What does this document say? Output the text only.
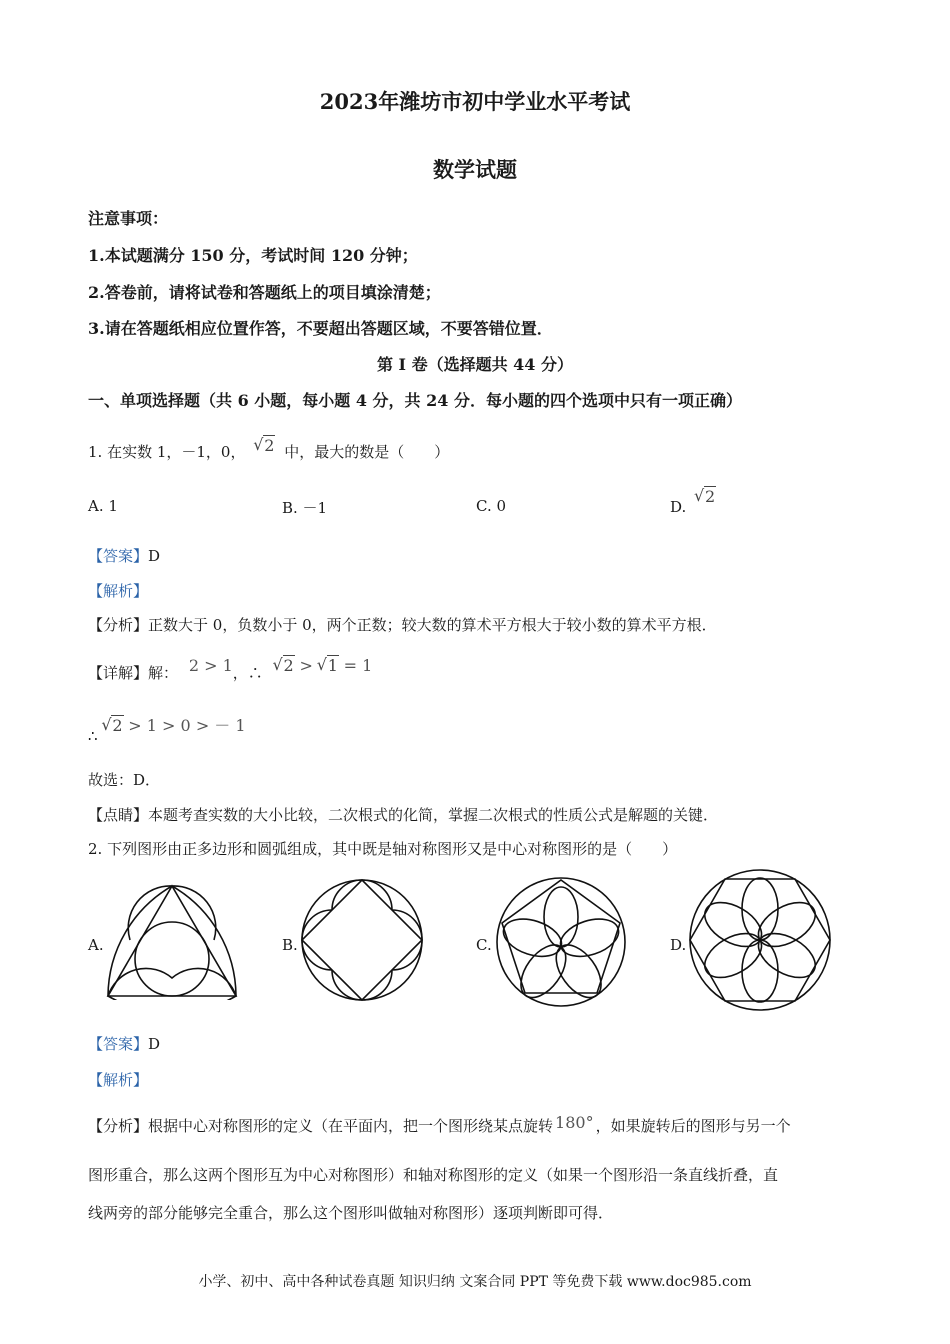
2023年潍坊市初中学业水平考试
数学试题
注意事项：
1.本试题满分 150 分，考试时间 120 分钟；
2.答卷前，请将试卷和答题纸上的项目填涂清楚；
3.请在答题纸相应位置作答，不要超出答题区域，不要答错位置．
第 I 卷（选择题共 44 分）
一、单项选择题（共 6 小题，每小题 4 分，共 24 分．每小题的四个选项中只有一项正确）
1. 在实数 1，－1，0， √ 2 中，最大的数是（　　）
A. 1	B. －1	C. 0	D. √ 2
【答案】D
【解析】
【分析】正数大于 0，负数小于 0，两个正数；较大数的算术平方根大于较小数的算术平方根．
【详解】解： 2 > 1，∴ √ 2 > √ 1 = 1
∴ √ 2 > 1 > 0 > － 1
故选：D．
【点睛】本题考查实数的大小比较，二次根式的化简，掌握二次根式的性质公式是解题的关键．
2. 下列图形由正多边形和圆弧组成，其中既是轴对称图形又是中心对称图形的是（　　）
A.	B.	C.	D.
【答案】D
【解析】
【分析】根据中心对称图形的定义（在平面内，把一个图形绕某点旋转 180° ，如果旋转后的图形与另一个
图形重合，那么这两个图形互为中心对称图形）和轴对称图形的定义（如果一个图形沿一条直线折叠，直
线两旁的部分能够完全重合，那么这个图形叫做轴对称图形）逐项判断即可得．
小学、初中、高中各种试卷真题 知识归纳 文案合同 PPT 等免费下载 www.doc985.com
